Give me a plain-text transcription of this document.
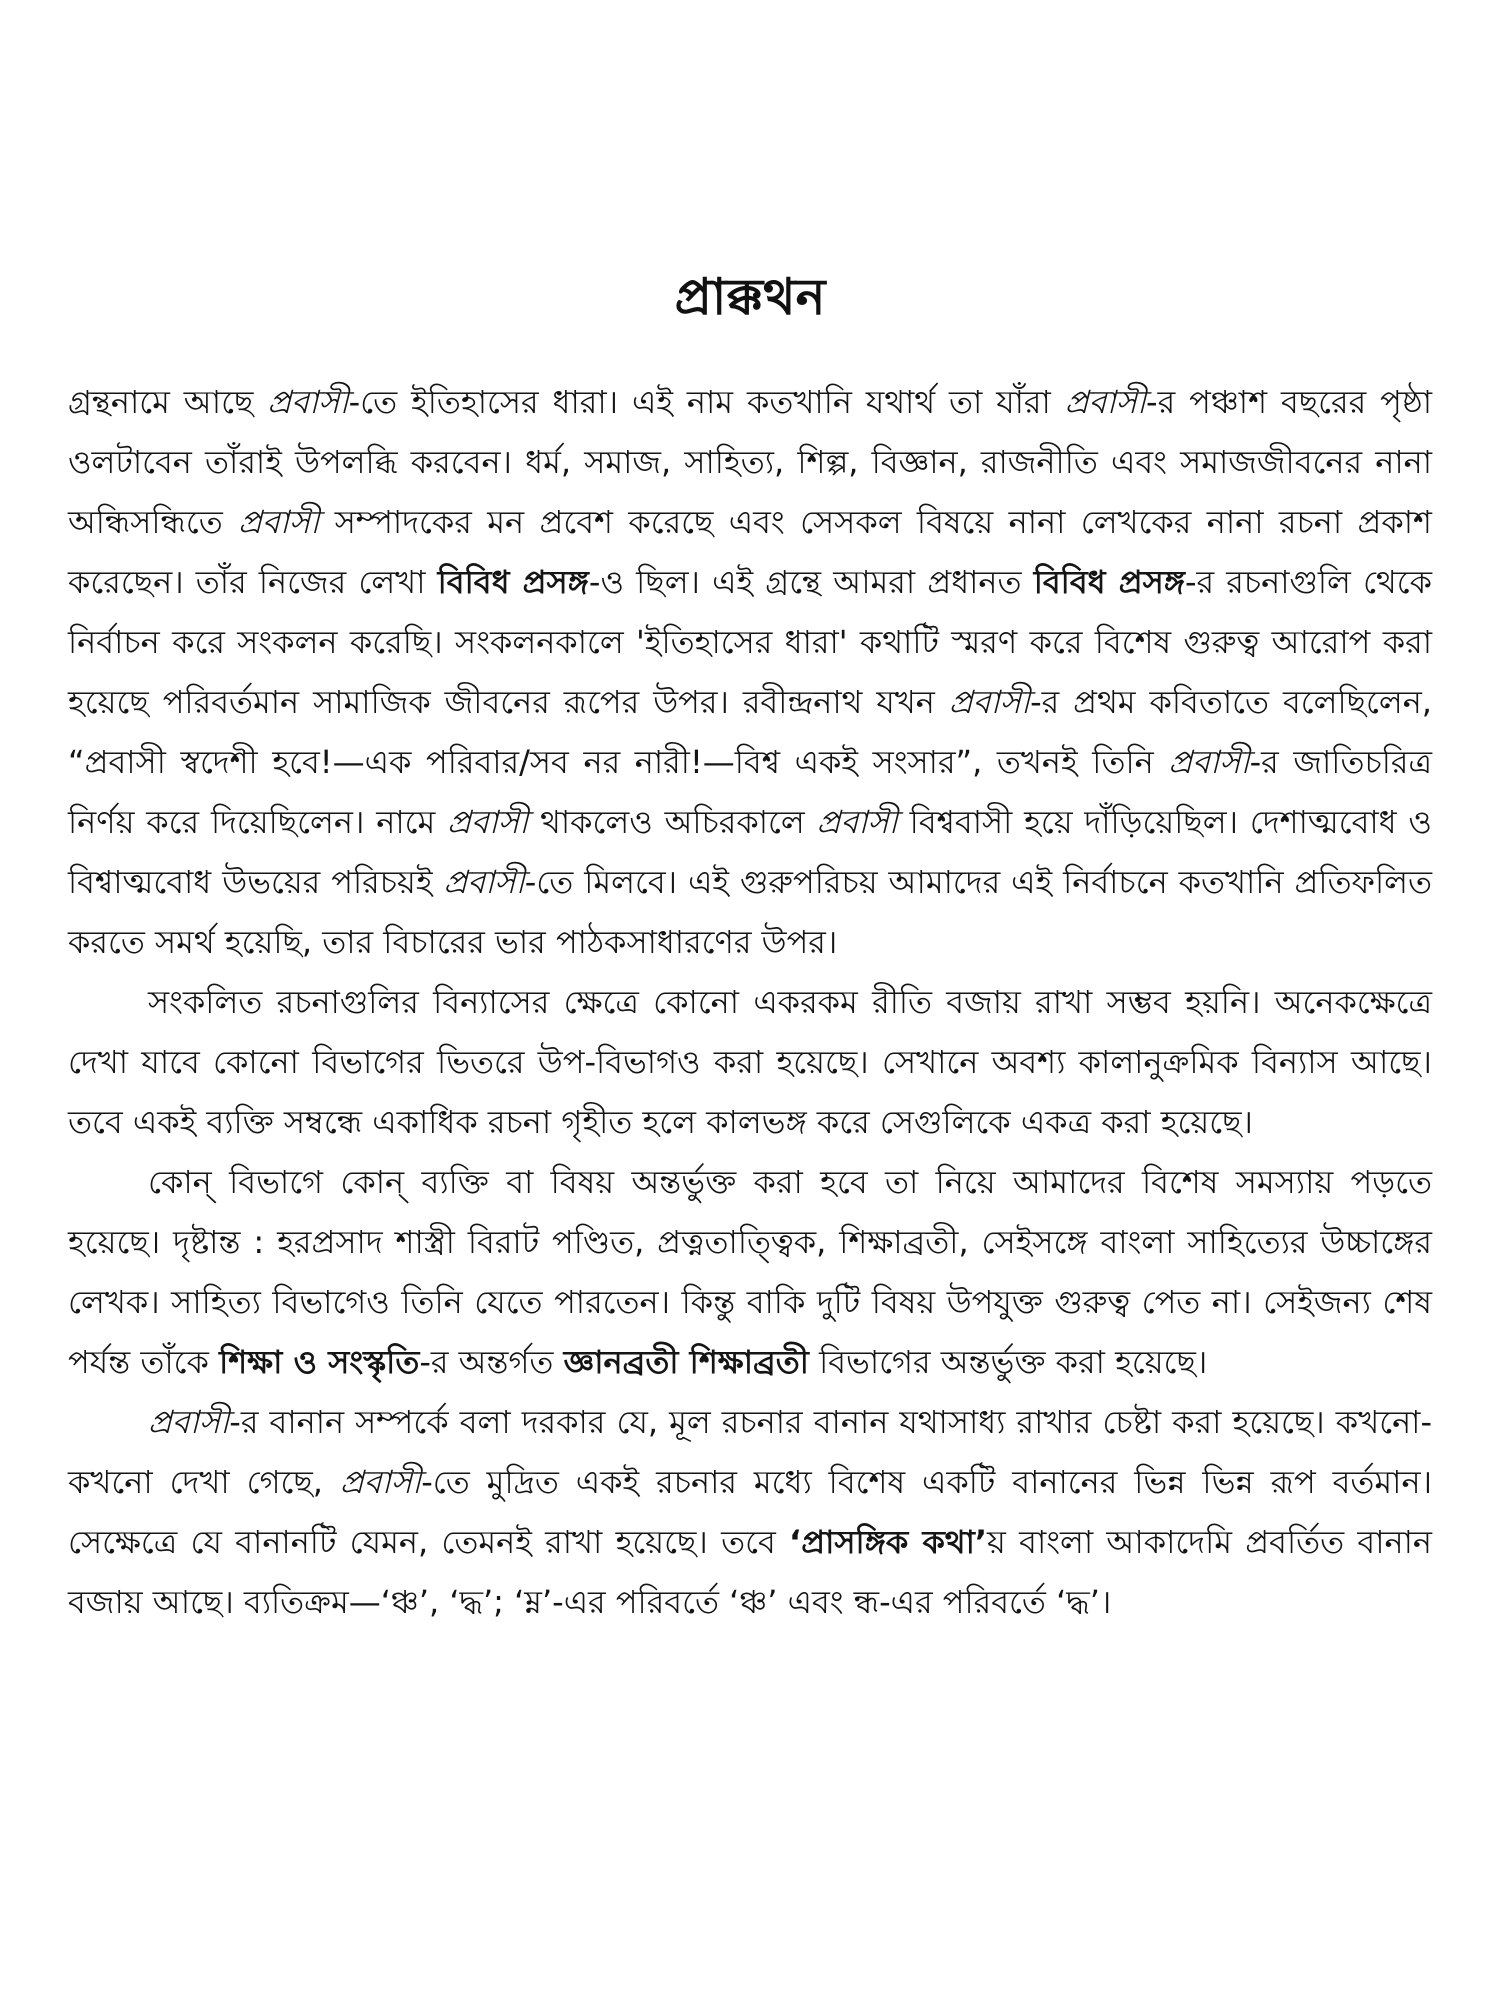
প্রাক্কথন

গ্রন্থনামে আছে প্রবাসী-তে ইতিহাসের ধারা। এই নাম কতখানি যথার্থ তা যাঁরা প্রবাসী-র পঞ্চাশ বছরের পৃষ্ঠা ওলটাবেন তাঁরাই উপলব্ধি করবেন। ধর্ম, সমাজ, সাহিত্য, শিল্প, বিজ্ঞান, রাজনীতি এবং সমাজজীবনের নানা অন্ধিসন্ধিতে প্রবাসী সম্পাদকের মন প্রবেশ করেছে এবং সেসকল বিষয়ে নানা লেখকের নানা রচনা প্রকাশ করেছেন। তাঁর নিজের লেখা বিবিধ প্রসঙ্গ-ও ছিল। এই গ্রন্থে আমরা প্রধানত বিবিধ প্রসঙ্গ-র রচনাগুলি থেকে নির্বাচন করে সংকলন করেছি। সংকলনকালে 'ইতিহাসের ধারা' কথাটি স্মরণ করে বিশেষ গুরুত্ব আরোপ করা হয়েছে পরিবর্তমান সামাজিক জীবনের রূপের উপর। রবীন্দ্রনাথ যখন প্রবাসী-র প্রথম কবিতাতে বলেছিলেন, “প্রবাসী স্বদেশী হবে!—এক পরিবার/সব নর নারী!—বিশ্ব একই সংসার”, তখনই তিনি প্রবাসী-র জাতিচরিত্র নির্ণয় করে দিয়েছিলেন। নামে প্রবাসী থাকলেও অচিরকালে প্রবাসী বিশ্ববাসী হয়ে দাঁড়িয়েছিল। দেশাত্মবোধ ও বিশ্বাত্মবোধ উভয়ের পরিচয়ই প্রবাসী-তে মিলবে। এই গুরুপরিচয় আমাদের এই নির্বাচনে কতখানি প্রতিফলিত করতে সমর্থ হয়েছি, তার বিচারের ভার পাঠকসাধারণের উপর।

সংকলিত রচনাগুলির বিন্যাসের ক্ষেত্রে কোনো একরকম রীতি বজায় রাখা সম্ভব হয়নি। অনেকক্ষেত্রে দেখা যাবে কোনো বিভাগের ভিতরে উপ-বিভাগও করা হয়েছে। সেখানে অবশ্য কালানুক্রমিক বিন্যাস আছে। তবে একই ব্যক্তি সম্বন্ধে একাধিক রচনা গৃহীত হলে কালভঙ্গ করে সেগুলিকে একত্র করা হয়েছে।

কোন্ বিভাগে কোন্ ব্যক্তি বা বিষয় অন্তর্ভুক্ত করা হবে তা নিয়ে আমাদের বিশেষ সমস্যায় পড়তে হয়েছে। দৃষ্টান্ত : হরপ্রসাদ শাস্ত্রী বিরাট পণ্ডিত, প্রত্নতাত্ত্বিক, শিক্ষাব্রতী, সেইসঙ্গে বাংলা সাহিত্যের উচ্চাঙ্গের লেখক। সাহিত্য বিভাগেও তিনি যেতে পারতেন। কিন্তু বাকি দুটি বিষয় উপযুক্ত গুরুত্ব পেত না। সেইজন্য শেষ পর্যন্ত তাঁকে শিক্ষা ও সংস্কৃতি-র অন্তর্গত জ্ঞানব্রতী শিক্ষাব্রতী বিভাগের অন্তর্ভুক্ত করা হয়েছে।

প্রবাসী-র বানান সম্পর্কে বলা দরকার যে, মূল রচনার বানান যথাসাধ্য রাখার চেষ্টা করা হয়েছে। কখনো-কখনো দেখা গেছে, প্রবাসী-তে মুদ্রিত একই রচনার মধ্যে বিশেষ একটি বানানের ভিন্ন ভিন্ন রূপ বর্তমান। সেক্ষেত্রে যে বানানটি যেমন, তেমনই রাখা হয়েছে। তবে ‘প্রাসঙ্গিক কথা’য় বাংলা আকাদেমি প্রবর্তিত বানান বজায় আছে। ব্যতিক্রম—‘ঞ্চ’, ‘দ্ধ’; ‘ম্ন’-এর পরিবর্তে ‘ঞ্চ’ এবং ন্ধ-এর পরিবর্তে ‘দ্ধ’।
